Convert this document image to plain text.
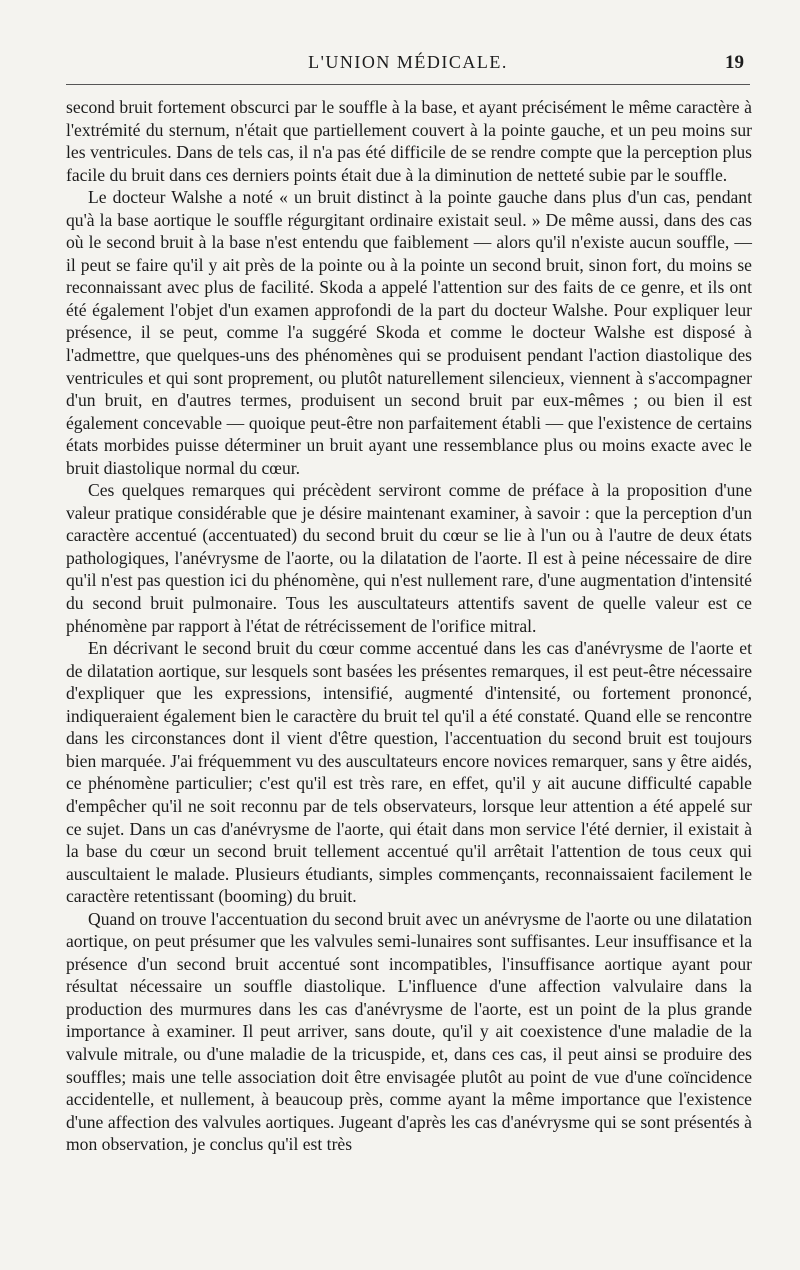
L'UNION MÉDICALE.	19

second bruit fortement obscurci par le souffle à la base, et ayant précisément le même caractère à l'extrémité du sternum, n'était que partiellement couvert à la pointe gauche, et un peu moins sur les ventricules. Dans de tels cas, il n'a pas été difficile de se rendre compte que la perception plus facile du bruit dans ces derniers points était due à la diminution de netteté subie par le souffle.

Le docteur Walshe a noté « un bruit distinct à la pointe gauche dans plus d'un cas, pendant qu'à la base aortique le souffle régurgitant ordinaire existait seul. » De même aussi, dans des cas où le second bruit à la base n'est entendu que faiblement — alors qu'il n'existe aucun souffle, — il peut se faire qu'il y ait près de la pointe ou à la pointe un second bruit, sinon fort, du moins se reconnaissant avec plus de facilité. Skoda a appelé l'attention sur des faits de ce genre, et ils ont été également l'objet d'un examen approfondi de la part du docteur Walshe. Pour expliquer leur présence, il se peut, comme l'a suggéré Skoda et comme le docteur Walshe est disposé à l'admettre, que quelques-uns des phénomènes qui se produisent pendant l'action diastolique des ventricules et qui sont proprement, ou plutôt naturellement silencieux, viennent à s'accompagner d'un bruit, en d'autres termes, produisent un second bruit par eux-mêmes ; ou bien il est également concevable — quoique peut-être non parfaitement établi — que l'existence de certains états morbides puisse déterminer un bruit ayant une ressemblance plus ou moins exacte avec le bruit diastolique normal du cœur.

Ces quelques remarques qui précèdent serviront comme de préface à la proposition d'une valeur pratique considérable que je désire maintenant examiner, à savoir : que la perception d'un caractère accentué (accentuated) du second bruit du cœur se lie à l'un ou à l'autre de deux états pathologiques, l'anévrysme de l'aorte, ou la dilatation de l'aorte. Il est à peine nécessaire de dire qu'il n'est pas question ici du phénomène, qui n'est nullement rare, d'une augmentation d'intensité du second bruit pulmonaire. Tous les auscultateurs attentifs savent de quelle valeur est ce phénomène par rapport à l'état de rétrécissement de l'orifice mitral.

En décrivant le second bruit du cœur comme accentué dans les cas d'anévrysme de l'aorte et de dilatation aortique, sur lesquels sont basées les présentes remarques, il est peut-être nécessaire d'expliquer que les expressions, intensifié, augmenté d'intensité, ou fortement prononcé, indiqueraient également bien le caractère du bruit tel qu'il a été constaté. Quand elle se rencontre dans les circonstances dont il vient d'être question, l'accentuation du second bruit est toujours bien marquée. J'ai fréquemment vu des auscultateurs encore novices remarquer, sans y être aidés, ce phénomène particulier; c'est qu'il est très rare, en effet, qu'il y ait aucune difficulté capable d'empêcher qu'il ne soit reconnu par de tels observateurs, lorsque leur attention a été appelé sur ce sujet. Dans un cas d'anévrysme de l'aorte, qui était dans mon service l'été dernier, il existait à la base du cœur un second bruit tellement accentué qu'il arrêtait l'attention de tous ceux qui auscultaient le malade. Plusieurs étudiants, simples commençants, reconnaissaient facilement le caractère retentissant (booming) du bruit.

Quand on trouve l'accentuation du second bruit avec un anévrysme de l'aorte ou une dilatation aortique, on peut présumer que les valvules semi-lunaires sont suffisantes. Leur insuffisance et la présence d'un second bruit accentué sont incompatibles, l'insuffisance aortique ayant pour résultat nécessaire un souffle diastolique. L'influence d'une affection valvulaire dans la production des murmures dans les cas d'anévrysme de l'aorte, est un point de la plus grande importance à examiner. Il peut arriver, sans doute, qu'il y ait coexistence d'une maladie de la valvule mitrale, ou d'une maladie de la tricuspide, et, dans ces cas, il peut ainsi se produire des souffles; mais une telle association doit être envisagée plutôt au point de vue d'une coïncidence accidentelle, et nullement, à beaucoup près, comme ayant la même importance que l'existence d'une affection des valvules aortiques. Jugeant d'après les cas d'anévrysme qui se sont présentés à mon observation, je conclus qu'il est très
